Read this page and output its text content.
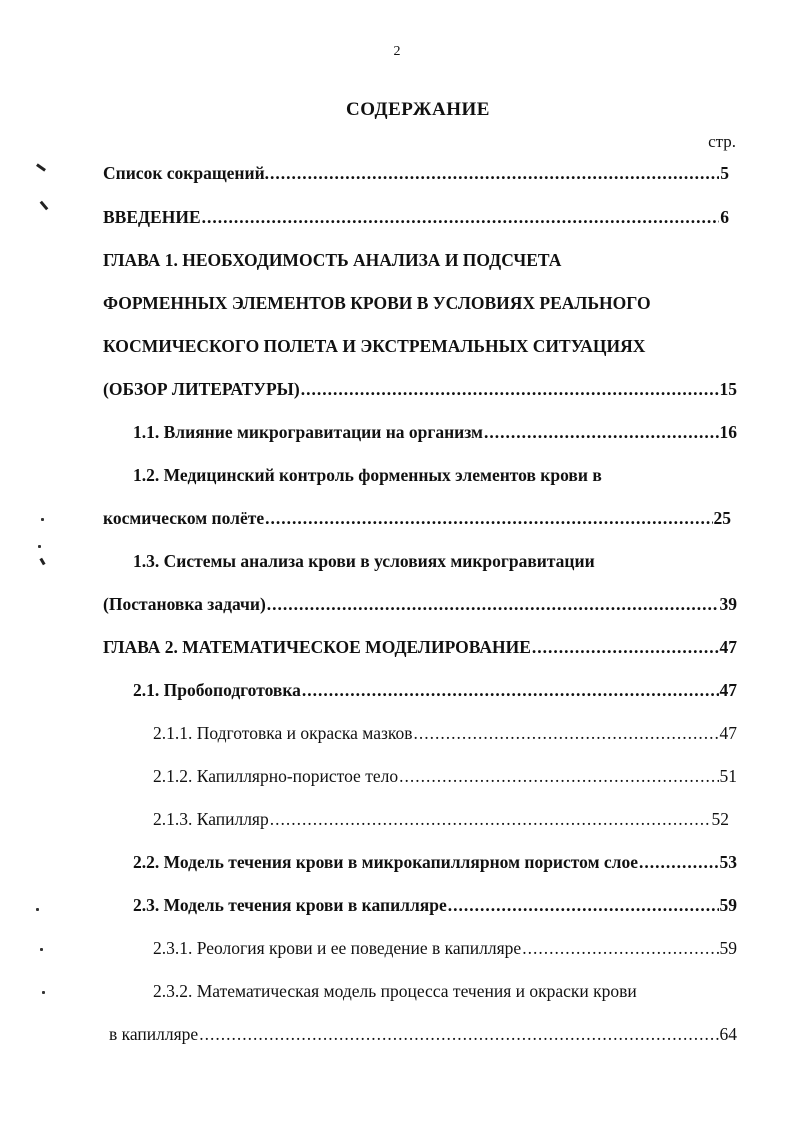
2
СОДЕРЖАНИЕ
стр.
Список сокращений. .....	5
ВВЕДЕНИЕ .....	6
ГЛАВА 1. НЕОБХОДИМОСТЬ АНАЛИЗА И ПОДСЧЕТА
ФОРМЕННЫХ ЭЛЕМЕНТОВ КРОВИ В УСЛОВИЯХ РЕАЛЬНОГО
КОСМИЧЕСКОГО ПОЛЕТА И ЭКСТРЕМАЛЬНЫХ СИТУАЦИЯХ
(ОБЗОР ЛИТЕРАТУРЫ) .....	15
1.1. Влияние микрогравитации на организм .....	16
1.2. Медицинский контроль форменных элементов крови в
космическом полёте .....	25
1.3. Системы анализа крови в условиях микрогравитации
(Постановка задачи) .....	39
ГЛАВА 2. МАТЕМАТИЧЕСКОЕ МОДЕЛИРОВАНИЕ .....	47
2.1. Пробоподготовка .....	47
2.1.1. Подготовка и окраска мазков .....	47
2.1.2. Капиллярно-пористое тело .....	51
2.1.3. Капилляр .....	52
2.2. Модель течения крови в микрокапиллярном пористом слое .....	53
2.3. Модель течения крови в капилляре .....	59
2.3.1. Реология крови и ее поведение в капилляре .....	59
2.3.2. Математическая модель процесса течения и окраски крови
в капилляре .....	64
